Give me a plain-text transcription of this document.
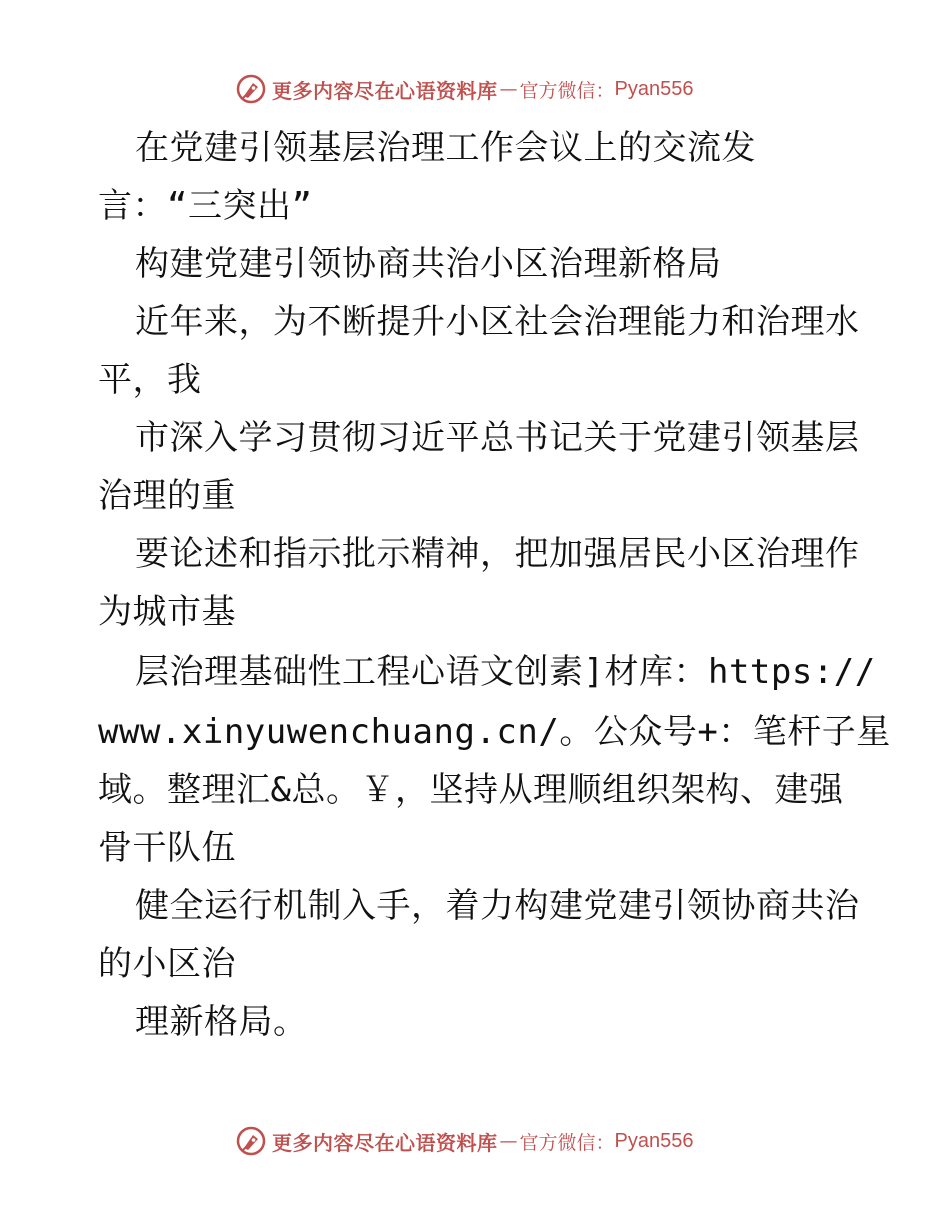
更多内容尽在心语资料库 — 官方微信： Pyan556
在党建引领基层治理工作会议上的交流发
言：“三突出”
构建党建引领协商共治小区治理新格局
近年来，为不断提升小区社会治理能力和治理水
平，我
市深入学习贯彻习近平总书记关于党建引领基层
治理的重
要论述和指示批示精神，把加强居民小区治理作
为城市基
层治理基础性工程心语文创素]材库：https://
www.xinyuwenchuang.cn/。公众号+：笔杆子星
域。整理汇&总。￥，坚持从理顺组织架构、建强
骨干队伍
健全运行机制入手，着力构建党建引领协商共治
的小区治
理新格局。
更多内容尽在心语资料库 — 官方微信： Pyan556
